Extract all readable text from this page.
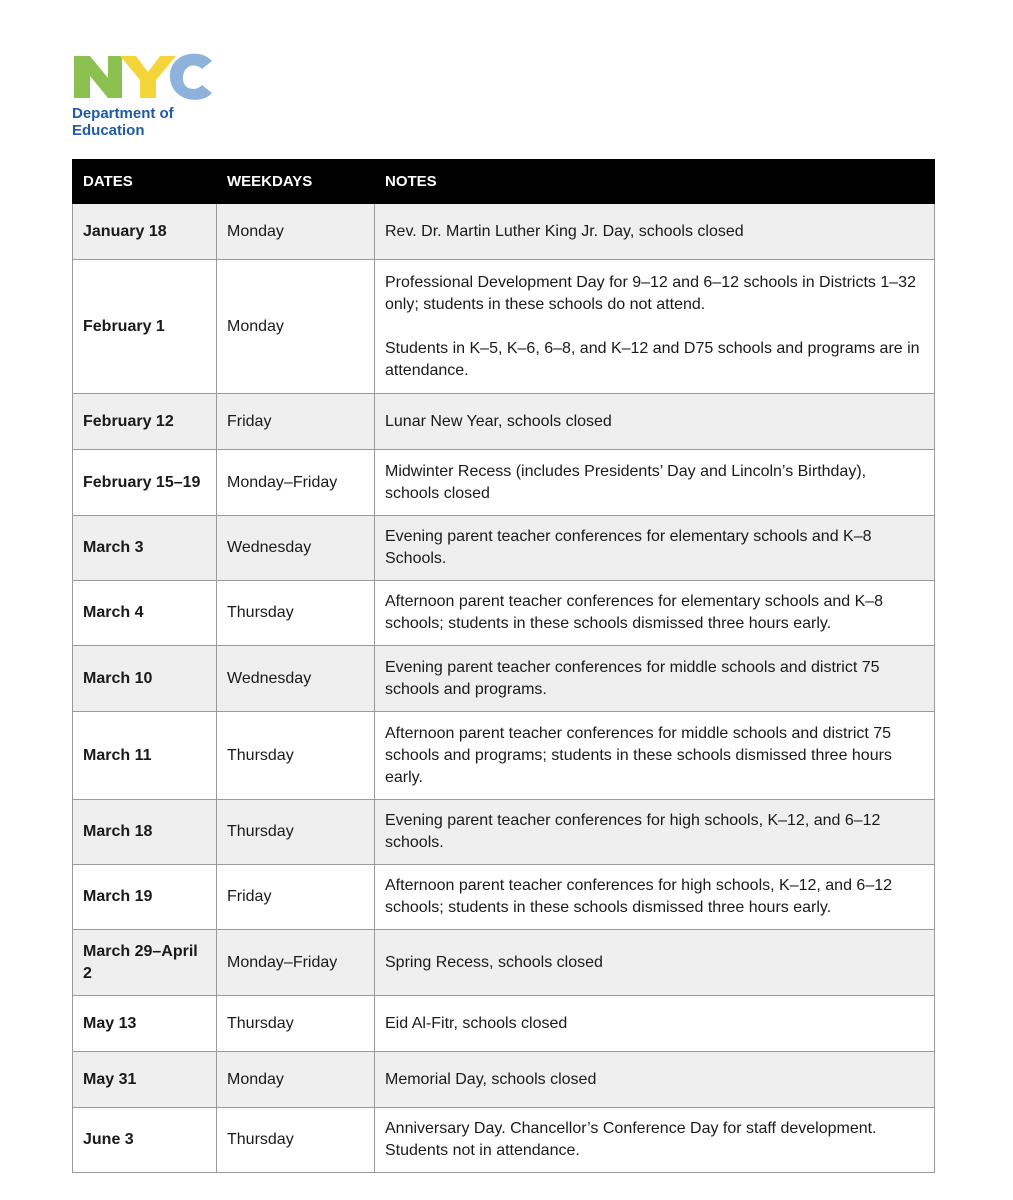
Department of
Education
DATES	WEEKDAYS	NOTES
January 18	Monday	Rev. Dr. Martin Luther King Jr. Day, schools closed

February 1	Monday	Professional Development Day for 9–12 and 6–12 schools in Districts 1–32 only; students in these schools do not attend.

Students in K–5, K–6, 6–8, and K–12 and D75 schools and programs are in attendance.

February 12	Friday	Lunar New Year, schools closed

February 15–19	Monday–Friday	Midwinter Recess (includes Presidents’ Day and Lincoln’s Birthday), schools closed

March 3	Wednesday	Evening parent teacher conferences for elementary schools and K–8 Schools.

March 4	Thursday	Afternoon parent teacher conferences for elementary schools and K–8 schools; students in these schools dismissed three hours early.

March 10	Wednesday	Evening parent teacher conferences for middle schools and district 75 schools and programs.

March 11	Thursday	Afternoon parent teacher conferences for middle schools and district 75 schools and programs; students in these schools dismissed three hours early.

March 18	Thursday	Evening parent teacher conferences for high schools, K–12, and 6–12 schools.

March 19	Friday	Afternoon parent teacher conferences for high schools, K–12, and 6–12 schools; students in these schools dismissed three hours early.

March 29–April 2	Monday–Friday	Spring Recess, schools closed

May 13	Thursday	Eid Al-Fitr, schools closed

May 31	Monday	Memorial Day, schools closed

June 3	Thursday	Anniversary Day. Chancellor’s Conference Day for staff development. Students not in attendance.
